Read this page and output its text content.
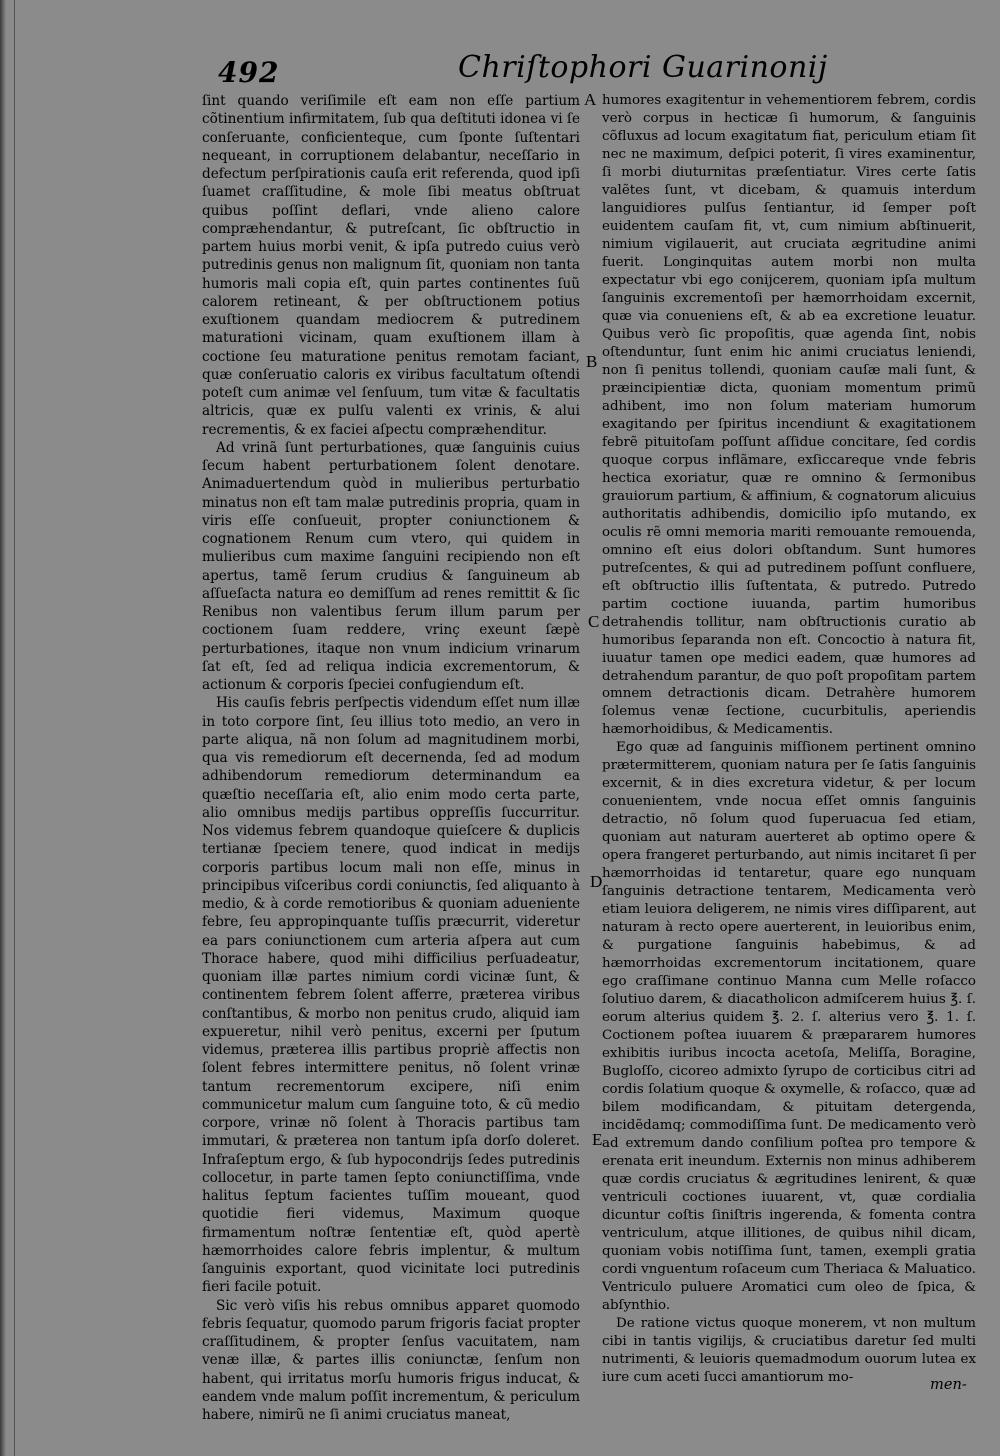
492	Chriſtophori Guarinonij
A
B
C
D
E

ſint quando veriſimile eſt eam non eſſe partium cõtinentium infirmitatem, ſub qua deſtituti idonea vi ſe conſeruante, conficienteque, cum ſponte ſuſtentari nequeant, in corruptionem delabantur, neceſſario in defectum perſpirationis cauſa erit referenda, quod ipſi ſuamet craſſitudine, & mole ſibi meatus obſtruat quibus poſſint deflari, vnde alieno calore compræhendantur, & putreſcant, ſic obſtructio in partem huius morbi venit, & ipſa putredo cuius verò putredinis genus non malignum ſit, quoniam non tanta humoris mali copia eſt, quin partes continentes ſuũ calorem retineant, & per obſtructionem potius exuſtionem quandam mediocrem & putredinem maturationi vicinam, quam exuſtionem illam à coctione ſeu maturatione penitus remotam faciant, quæ conſeruatio caloris ex viribus facultatum oſtendi poteſt cum animæ vel ſenſuum, tum vitæ & facultatis altricis, quæ ex pulſu valenti ex vrinis, & alui recrementis, & ex faciei aſpectu compræhenditur.

Ad vrinã ſunt perturbationes, quæ ſanguinis cuius ſecum habent perturbationem ſolent denotare. Animaduertendum quòd in mulieribus perturbatio minatus non eſt tam malæ putredinis propria, quam in viris eſſe conſueuit, propter coniunctionem & cognationem Renum cum vtero, qui quidem in mulieribus cum maxime ſanguini recipiendo non eſt apertus, tamẽ ſerum crudius & ſanguineum ab aſſueſacta natura eo demiſſum ad renes remittit & ſic Renibus non valentibus ſerum illum parum per coctionem ſuam reddere, vrinç exeunt ſæpè perturbationes, itaque non vnum indicium vrinarum ſat eſt, ſed ad reliqua indicia excrementorum, & actionum & corporis ſpeciei confugiendum eſt.

His cauſis febris perſpectis videndum eſſet num illæ in toto corpore ſint, ſeu illius toto medio, an vero in parte aliqua, nã non ſolum ad magnitudinem morbi, qua vis remediorum eſt decernenda, ſed ad modum adhibendorum remediorum determinandum ea quæſtio neceſſaria eſt, alio enim modo certa parte, alio omnibus medijs partibus oppreſſis ſuccurritur. Nos videmus febrem quandoque quieſcere & duplicis tertianæ ſpeciem tenere, quod indicat in medijs corporis partibus locum mali non eſſe, minus in principibus viſceribus cordi coniunctis, ſed aliquanto à medio, & à corde remotioribus & quoniam adueniente febre, ſeu appropinquante tuſſis præcurrit, videretur ea pars coniunctionem cum arteria aſpera aut cum Thorace habere, quod mihi difficilius perſuadeatur, quoniam illæ partes nimium cordi vicinæ ſunt, & continentem febrem ſolent afferre, præterea viribus conſtantibus, & morbo non penitus crudo, aliquid iam expueretur, nihil verò penitus, excerni per ſputum videmus, præterea illis partibus propriè affectis non ſolent febres intermittere penitus, nõ ſolent vrinæ tantum recrementorum excipere, niſi enim communicetur malum cum ſanguine toto, & cũ medio corpore, vrinæ nõ ſolent à Thoracis partibus tam immutari, & præterea non tantum ipſa dorſo doleret. Infraſeptum ergo, & ſub hypocondrijs ſedes putredinis collocetur, in parte tamen ſepto coniunctiſſima, vnde halitus ſeptum facientes tuſſim moueant, quod quotidie fieri videmus, Maximum quoque firmamentum noſtræ ſententiæ eſt, quòd apertè hæmorrhoides calore febris implentur, & multum ſanguinis exportant, quod vicinitate loci putredinis fieri facile potuit.

Sic verò viſis his rebus omnibus apparet quomodo febris ſequatur, quomodo parum frigoris faciat propter craſſitudinem, & propter ſenſus vacuitatem, nam venæ illæ, & partes illis coniunctæ, ſenſum non habent, qui irritatus morſu humoris frigus inducat, & eandem vnde malum poſſit incrementum, & periculum habere, nimirũ ne ſi animi cruciatus maneat,

humores exagitentur in vehementiorem febrem, cordis verò corpus in hecticæ ſi humorum, & ſanguinis cõfluxus ad locum exagitatum fiat, periculum etiam ſit nec ne maximum, deſpici poterit, ſi vires examinentur, ſi morbi diuturnitas præſentiatur. Vires certe ſatis valẽtes ſunt, vt dicebam, & quamuis interdum languidiores pulſus ſentiantur, id ſemper poſt euidentem cauſam fit, vt, cum nimium abſtinuerit, nimium vigilauerit, aut cruciata ægritudine animi fuerit. Longinquitas autem morbi non multa expectatur vbi ego conijcerem, quoniam ipſa multum ſanguinis excrementoſi per hæmorrhoidam excernit, quæ via conueniens eſt, & ab ea excretione leuatur. Quibus verò ſic propoſitis, quæ agenda ſint, nobis oſtenduntur, ſunt enim hic animi cruciatus leniendi, non ſi penitus tollendi, quoniam cauſæ mali ſunt, & præincipientiæ dicta, quoniam momentum primũ adhibent, imo non ſolum materiam humorum exagitando per ſpiritus incendiunt & exagitationem febrẽ pituitoſam poſſunt aſſidue concitare, ſed cordis quoque corpus inflãmare, exſiccareque vnde febris hectica exoriatur, quæ re omnino & ſermonibus grauiorum partium, & affinium, & cognatorum alicuius authoritatis adhibendis, domicilio ipſo mutando, ex oculis rẽ omni memoria mariti remouante remouenda, omnino eſt eius dolori obſtandum. Sunt humores putreſcentes, & qui ad putredinem poſſunt confluere, eſt obſtructio illis ſuſtentata, & putredo. Putredo partim coctione iuuanda, partim humoribus detrahendis tollitur, nam obſtructionis curatio ab humoribus ſeparanda non eſt. Concoctio à natura fit, iuuatur tamen ope medici eadem, quæ humores ad detrahendum parantur, de quo poſt propoſitam partem omnem detractionis dicam. Detrahère humorem ſolemus venæ ſectione, cucurbitulis, aperiendis hæmorhoidibus, & Medicamentis.

Ego quæ ad ſanguinis miſſionem pertinent omnino prætermitterem, quoniam natura per ſe ſatis ſanguinis excernit, & in dies excretura videtur, & per locum conuenientem, vnde nocua eſſet omnis ſanguinis detractio, nõ ſolum quod ſuperuacua ſed etiam, quoniam aut naturam auerteret ab optimo opere & opera frangeret perturbando, aut nimis incitaret ſi per hæmorrhoidas id tentaretur, quare ego nunquam ſanguinis detractione tentarem, Medicamenta verò etiam leuiora deligerem, ne nimis vires diſſiparent, aut naturam à recto opere auerterent, in leuioribus enim, & purgatione ſanguinis habebimus, & ad hæmorrhoidas excrementorum incitationem, quare ego craſſimane continuo Manna cum Melle roſacco ſolutiuo darem, & diacatholicon admiſcerem huius ℥. ſ. eorum alterius quidem ℥. 2. ſ. alterius vero ℥. 1. ſ. Coctionem poſtea iuuarem & præpararem humores exhibitis iuribus incocta acetoſa, Meliſſa, Boragine, Bugloſſo, cicoreo admixto ſyrupo de corticibus citri ad cordis ſolatium quoque & oxymelle, & roſacco, quæ ad bilem modificandam, & pituitam detergenda, incidẽdamq; commodiſſima ſunt. De medicamento verò ad extremum dando conſilium poſtea pro tempore & erenata erit ineundum. Externis non minus adhiberem quæ cordis cruciatus & ægritudines lenirent, & quæ ventriculi coctiones iuuarent, vt, quæ cordialia dicuntur coſtis ſiniſtris ingerenda, & fomenta contra ventriculum, atque illitiones, de quibus nihil dicam, quoniam vobis notiſſima ſunt, tamen, exempli gratia cordi vnguentum roſaceum cum Theriaca & Maluatico. Ventriculo puluere Aromatici cum oleo de ſpica, & abſynthio.

De ratione victus quoque monerem, vt non multum cibi in tantis vigilijs, & cruciatibus daretur ſed multi nutrimenti, & leuioris quemadmodum ouorum lutea ex iure cum aceti ſucci amantiorum mo-	men-
